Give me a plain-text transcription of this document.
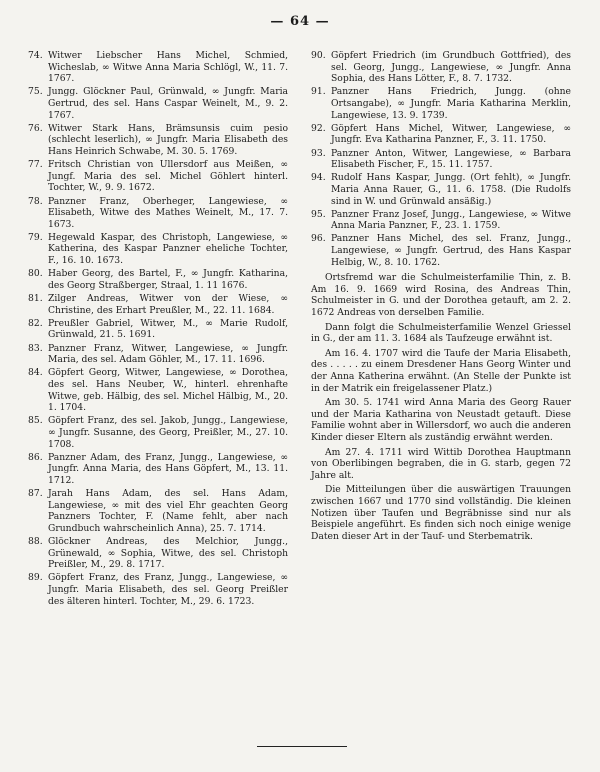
— 64 —
74. Witwer Liebscher Hans Michel, Schmied, Wicheslab, ∞ Witwe Anna Maria Schlögl, W., 11. 7. 1767.
75. Jungg. Glöckner Paul, Grünwald, ∞ Jungfr. Maria Gertrud, des sel. Hans Caspar Weinelt, M., 9. 2. 1767.
76. Witwer Stark Hans, Brämsunsis cuim pesio (schlecht leserlich), ∞ Jungfr. Maria Elisabeth des Hans Heinrich Schwabe, M. 30. 5. 1769.
77. Fritsch Christian von Ullersdorf aus Meißen, ∞ Jungf. Maria des sel. Michel Göhlert hinterl. Tochter, W., 9. 9. 1672.
78. Panzner Franz, Oberheger, Langewiese, ∞ Elisabeth, Witwe des Mathes Weinelt, M., 17. 7. 1673.
79. Hegewald Kaspar, des Christoph, Langewiese, ∞ Katherina, des Kaspar Panzner eheliche Tochter, F., 16. 10. 1673.
80. Haber Georg, des Bartel, F., ∞ Jungfr. Katharina, des Georg Straßberger, Straal, 1. 11 1676.
81. Zilger Andreas, Witwer von der Wiese, ∞ Christine, des Erhart Preußler, M., 22. 11. 1684.
82. Preußler Gabriel, Witwer, M., ∞ Marie Rudolf, Grünwald, 21. 5. 1691.
83. Panzner Franz, Witwer, Langewiese, ∞ Jungfr. Maria, des sel. Adam Göhler, M., 17. 11. 1696.
84. Göpfert Georg, Witwer, Langewiese, ∞ Dorothea, des sel. Hans Neuber, W., hinterl. ehrenhafte Witwe, geb. Hälbig, des sel. Michel Hälbig, M., 20. 1. 1704.
85. Göpfert Franz, des sel. Jakob, Jungg., Langewiese, ∞ Jungfr. Susanne, des Georg, Preißler, M., 27. 10. 1708.
86. Panzner Adam, des Franz, Jungg., Langewiese, ∞ Jungfr. Anna Maria, des Hans Göpfert, M., 13. 11. 1712.
87. Jarah Hans Adam, des sel. Hans Adam, Langewiese, ∞ mit des viel Ehr geachten Georg Panzners Tochter, F. (Name fehlt, aber nach Grundbuch wahrscheinlich Anna), 25. 7. 1714.
88. Glöckner Andreas, des Melchior, Jungg., Grünewald, ∞ Sophia, Witwe, des sel. Christoph Preißler, M., 29. 8. 1717.
89. Göpfert Franz, des Franz, Jungg., Langewiese, ∞ Jungfr. Maria Elisabeth, des sel. Georg Preißler des älteren hinterl. Tochter, M., 29. 6. 1723.
90. Göpfert Friedrich (im Grundbuch Gottfried), des sel. Georg, Jungg., Langewiese, ∞ Jungfr. Anna Sophia, des Hans Lötter, F., 8. 7. 1732.
91. Panzner Hans Friedrich, Jungg. (ohne Ortsangabe), ∞ Jungfr. Maria Katharina Merklin, Langewiese, 13. 9. 1739.
92. Göpfert Hans Michel, Witwer, Langewiese, ∞ Jungfr. Eva Katharina Panzner, F., 3. 11. 1750.
93. Panzner Anton, Witwer, Langewiese, ∞ Barbara Elisabeth Fischer, F., 15. 11. 1757.
94. Rudolf Hans Kaspar, Jungg. (Ort fehlt), ∞ Jungfr. Maria Anna Rauer, G., 11. 6. 1758. (Die Rudolfs sind in W. und Grünwald ansäßig.)
95. Panzner Franz Josef, Jungg., Langewiese, ∞ Witwe Anna Maria Panzner, F., 23. 1. 1759.
96. Panzner Hans Michel, des sel. Franz, Jungg., Langewiese, ∞ Jungfr. Gertrud, des Hans Kaspar Helbig, W., 8. 10. 1762.

Ortsfremd war die Schulmeisterfamilie Thin, z. B. Am 16. 9. 1669 wird Rosina, des Andreas Thin, Schulmeister in G. und der Dorothea getauft, am 2. 2. 1672 Andreas von derselben Familie.

Dann folgt die Schulmeisterfamilie Wenzel Griessel in G., der am 11. 3. 1684 als Taufzeuge erwähnt ist.

Am 16. 4. 1707 wird die Taufe der Maria Elisabeth, des . . . . . zu einem Dresdener Hans Georg Winter und der Anna Katherina erwähnt. (An Stelle der Punkte ist in der Matrik ein freigelassener Platz.)

Am 30. 5. 1741 wird Anna Maria des Georg Rauer und der Maria Katharina von Neustadt getauft. Diese Familie wohnt aber in Willersdorf, wo auch die anderen Kinder dieser Eltern als zuständig erwähnt werden.

Am 27. 4. 1711 wird Wittib Dorothea Hauptmann von Oberlibingen begraben, die in G. starb, gegen 72 Jahre alt.

Die Mitteilungen über die auswärtigen Trauungen zwischen 1667 und 1770 sind vollständig. Die kleinen Notizen über Taufen und Begräbnisse sind nur als Beispiele angeführt. Es finden sich noch einige wenige Daten dieser Art in der Tauf- und Sterbematrik.
